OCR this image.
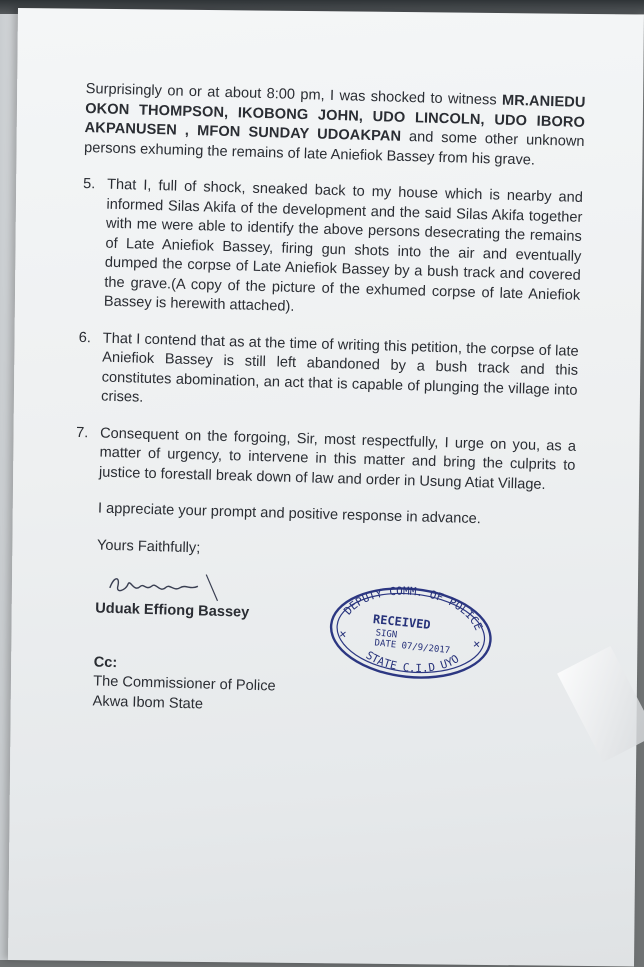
Surprisingly on or at about 8:00 pm, I was shocked to witness MR.ANIEDU OKON THOMPSON, IKOBONG JOHN, UDO LINCOLN, UDO IBORO AKPANUSEN , MFON SUNDAY UDOAKPAN and some other unknown persons exhuming the remains of late Aniefiok Bassey from his grave.

5. That I, full of shock, sneaked back to my house which is nearby and informed Silas Akifa of the development and the said Silas Akifa together with me were able to identify the above persons desecrating the remains of Late Aniefiok Bassey, firing gun shots into the air and eventually dumped the corpse of Late Aniefiok Bassey by a bush track and covered the grave.(A copy of the picture of the exhumed corpse of late Aniefiok Bassey is herewith attached).
6. That I contend that as at the time of writing this petition, the corpse of late Aniefiok Bassey is still left abandoned by a bush track and this constitutes abomination, an act that is capable of plunging the village into crises.
7. Consequent on the forgoing, Sir, most respectfully, I urge on you, as a matter of urgency, to intervene in this matter and bring the culprits to justice to forestall break down of law and order in Usung Atiat Village.

I appreciate your prompt and positive response in advance.

Yours Faithfully;
Uduak Effiong Bassey
Cc:
The Commissioner of Police
Akwa Ibom State
DEPUTY COMM. OF POLICE
STATE C.I.D UYO
RECEIVED
SIGN
DATE 07/9/2017
×
×
